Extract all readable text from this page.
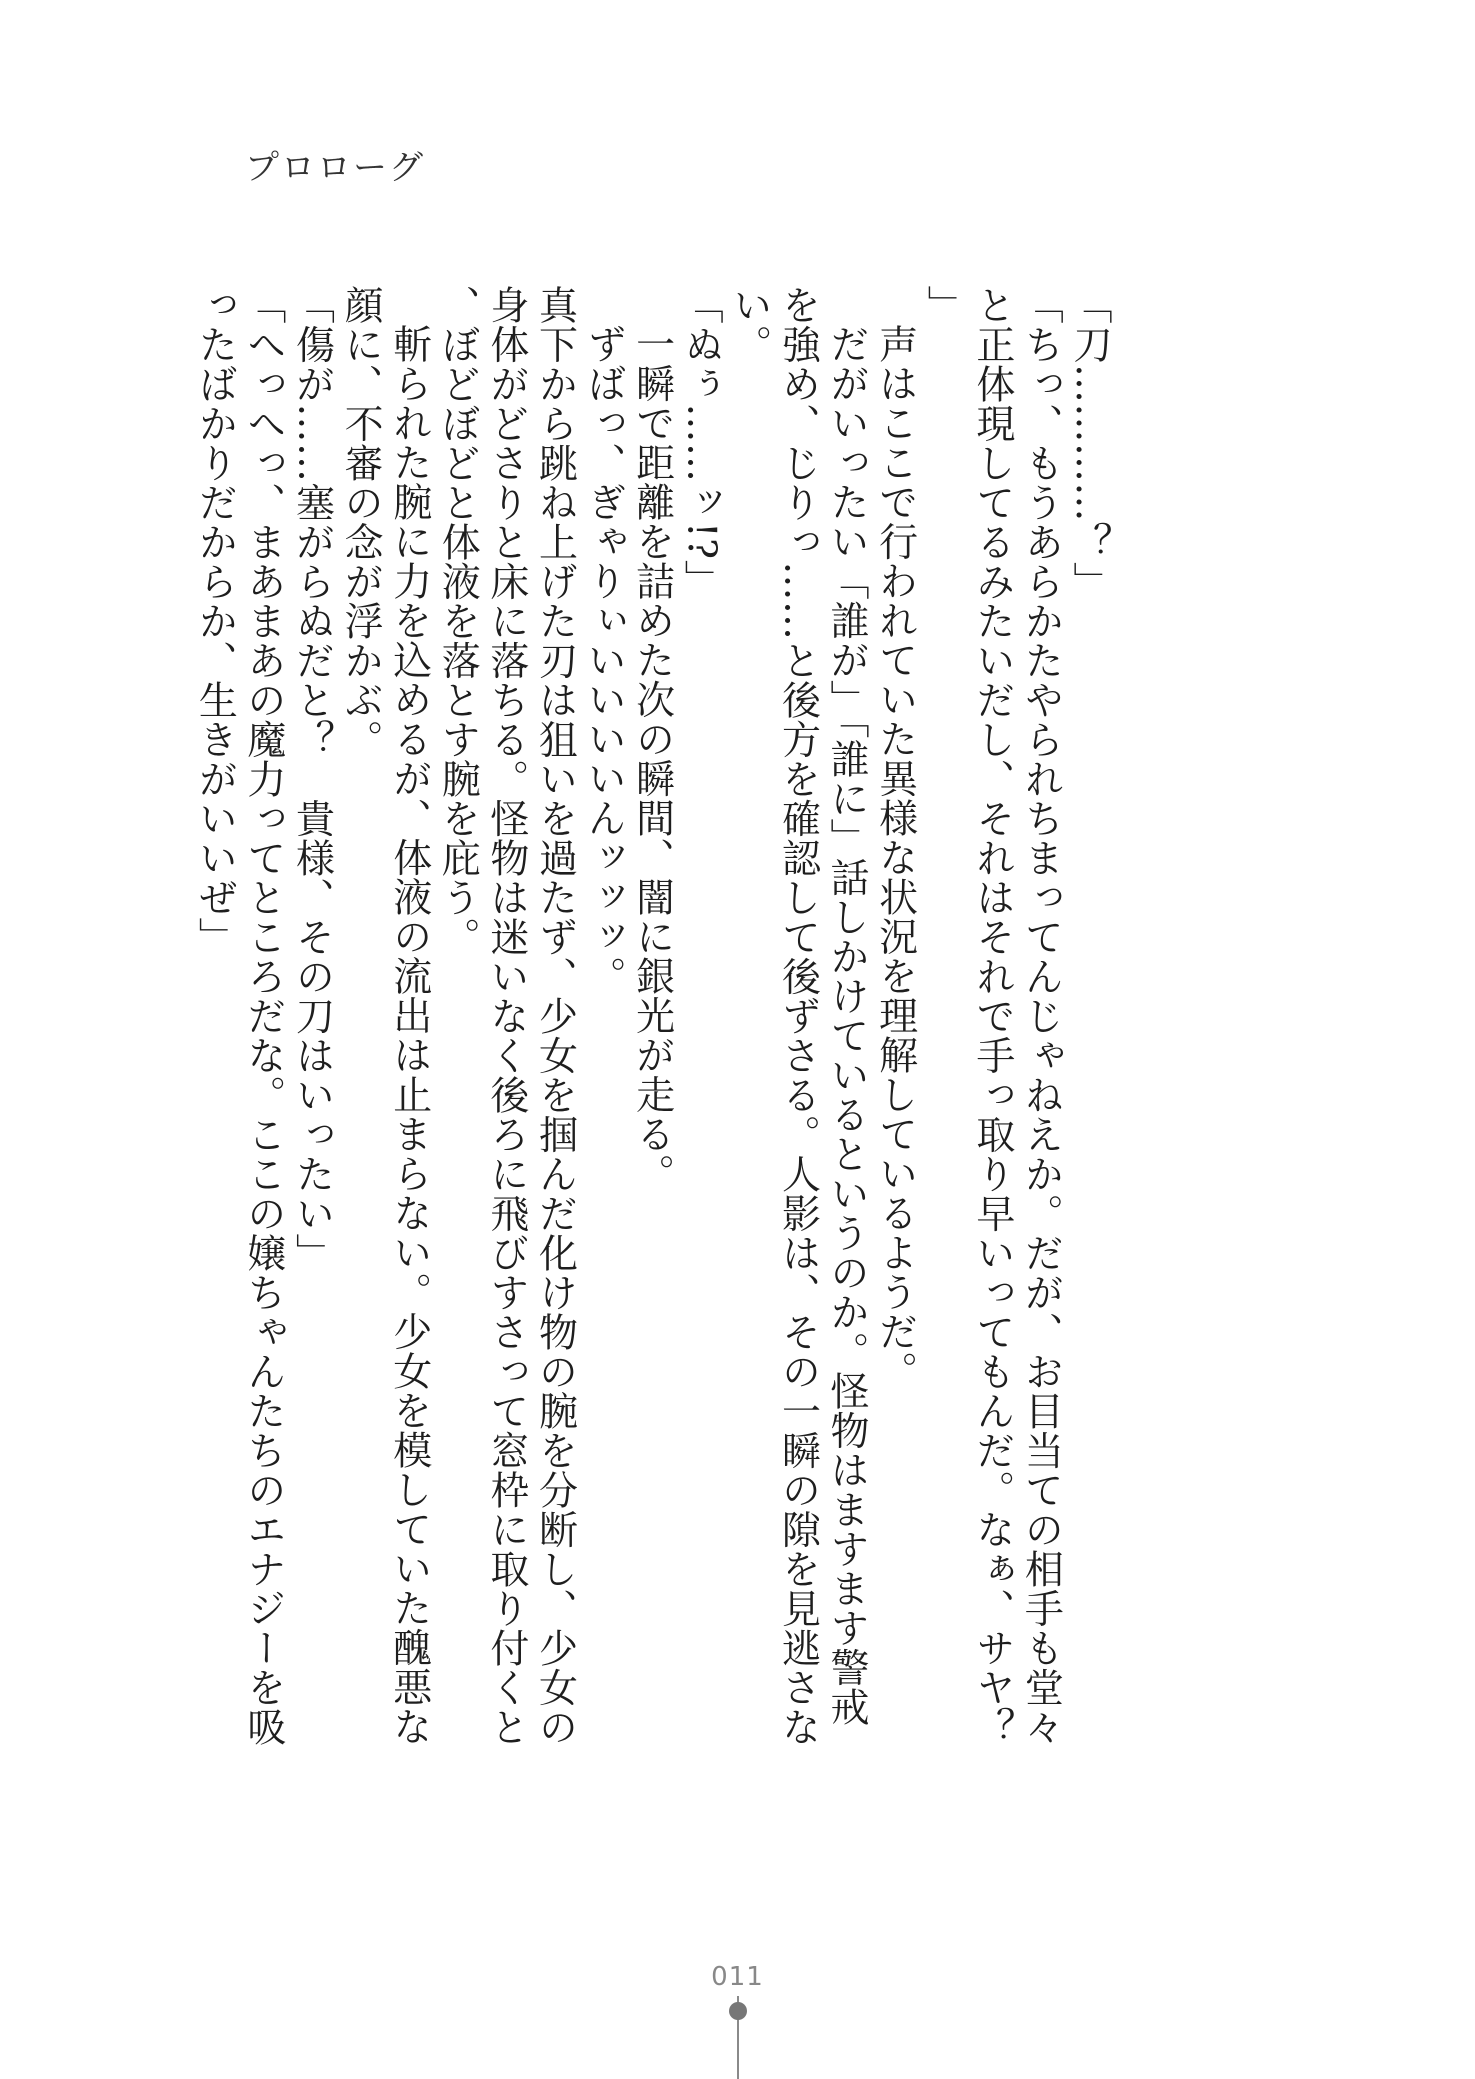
プロローグ

「刀…………？」

「ちっ、もうあらかたやられちまってんじゃねえか。だが、お目当ての相手も堂々と正体現してるみたいだし、それはそれで手っ取り早いってもんだ。なぁ、サヤ？」

声はここで行われていた異様な状況を理解しているようだ。

だがいったい「誰が」「誰に」話しかけているというのか。怪物はますます警戒を強め、じりっ……と後方を確認して後ずさる。人影は、その一瞬の隙を見逃さない。

「ぬぅ……ッ!?」

一瞬で距離を詰めた次の瞬間、闇に銀光が走る。

ずばっ、ぎゃりぃいいいいんッッッ。

真下から跳ね上げた刃は狙いを過たず、少女を掴んだ化け物の腕を分断し、少女の身体がどさりと床に落ちる。怪物は迷いなく後ろに飛びすさって窓枠に取り付くと、ぼどぼどと体液を落とす腕を庇う。

斬られた腕に力を込めるが、体液の流出は止まらない。少女を模していた醜悪な顔に、不審の念が浮かぶ。

「傷が……塞がらぬだと？　貴様、その刀はいったい」

「へっへっ、まあまあの魔力ってところだな。ここの嬢ちゃんたちのエナジーを吸ったばかりだからか、生きがいいぜ」

011
